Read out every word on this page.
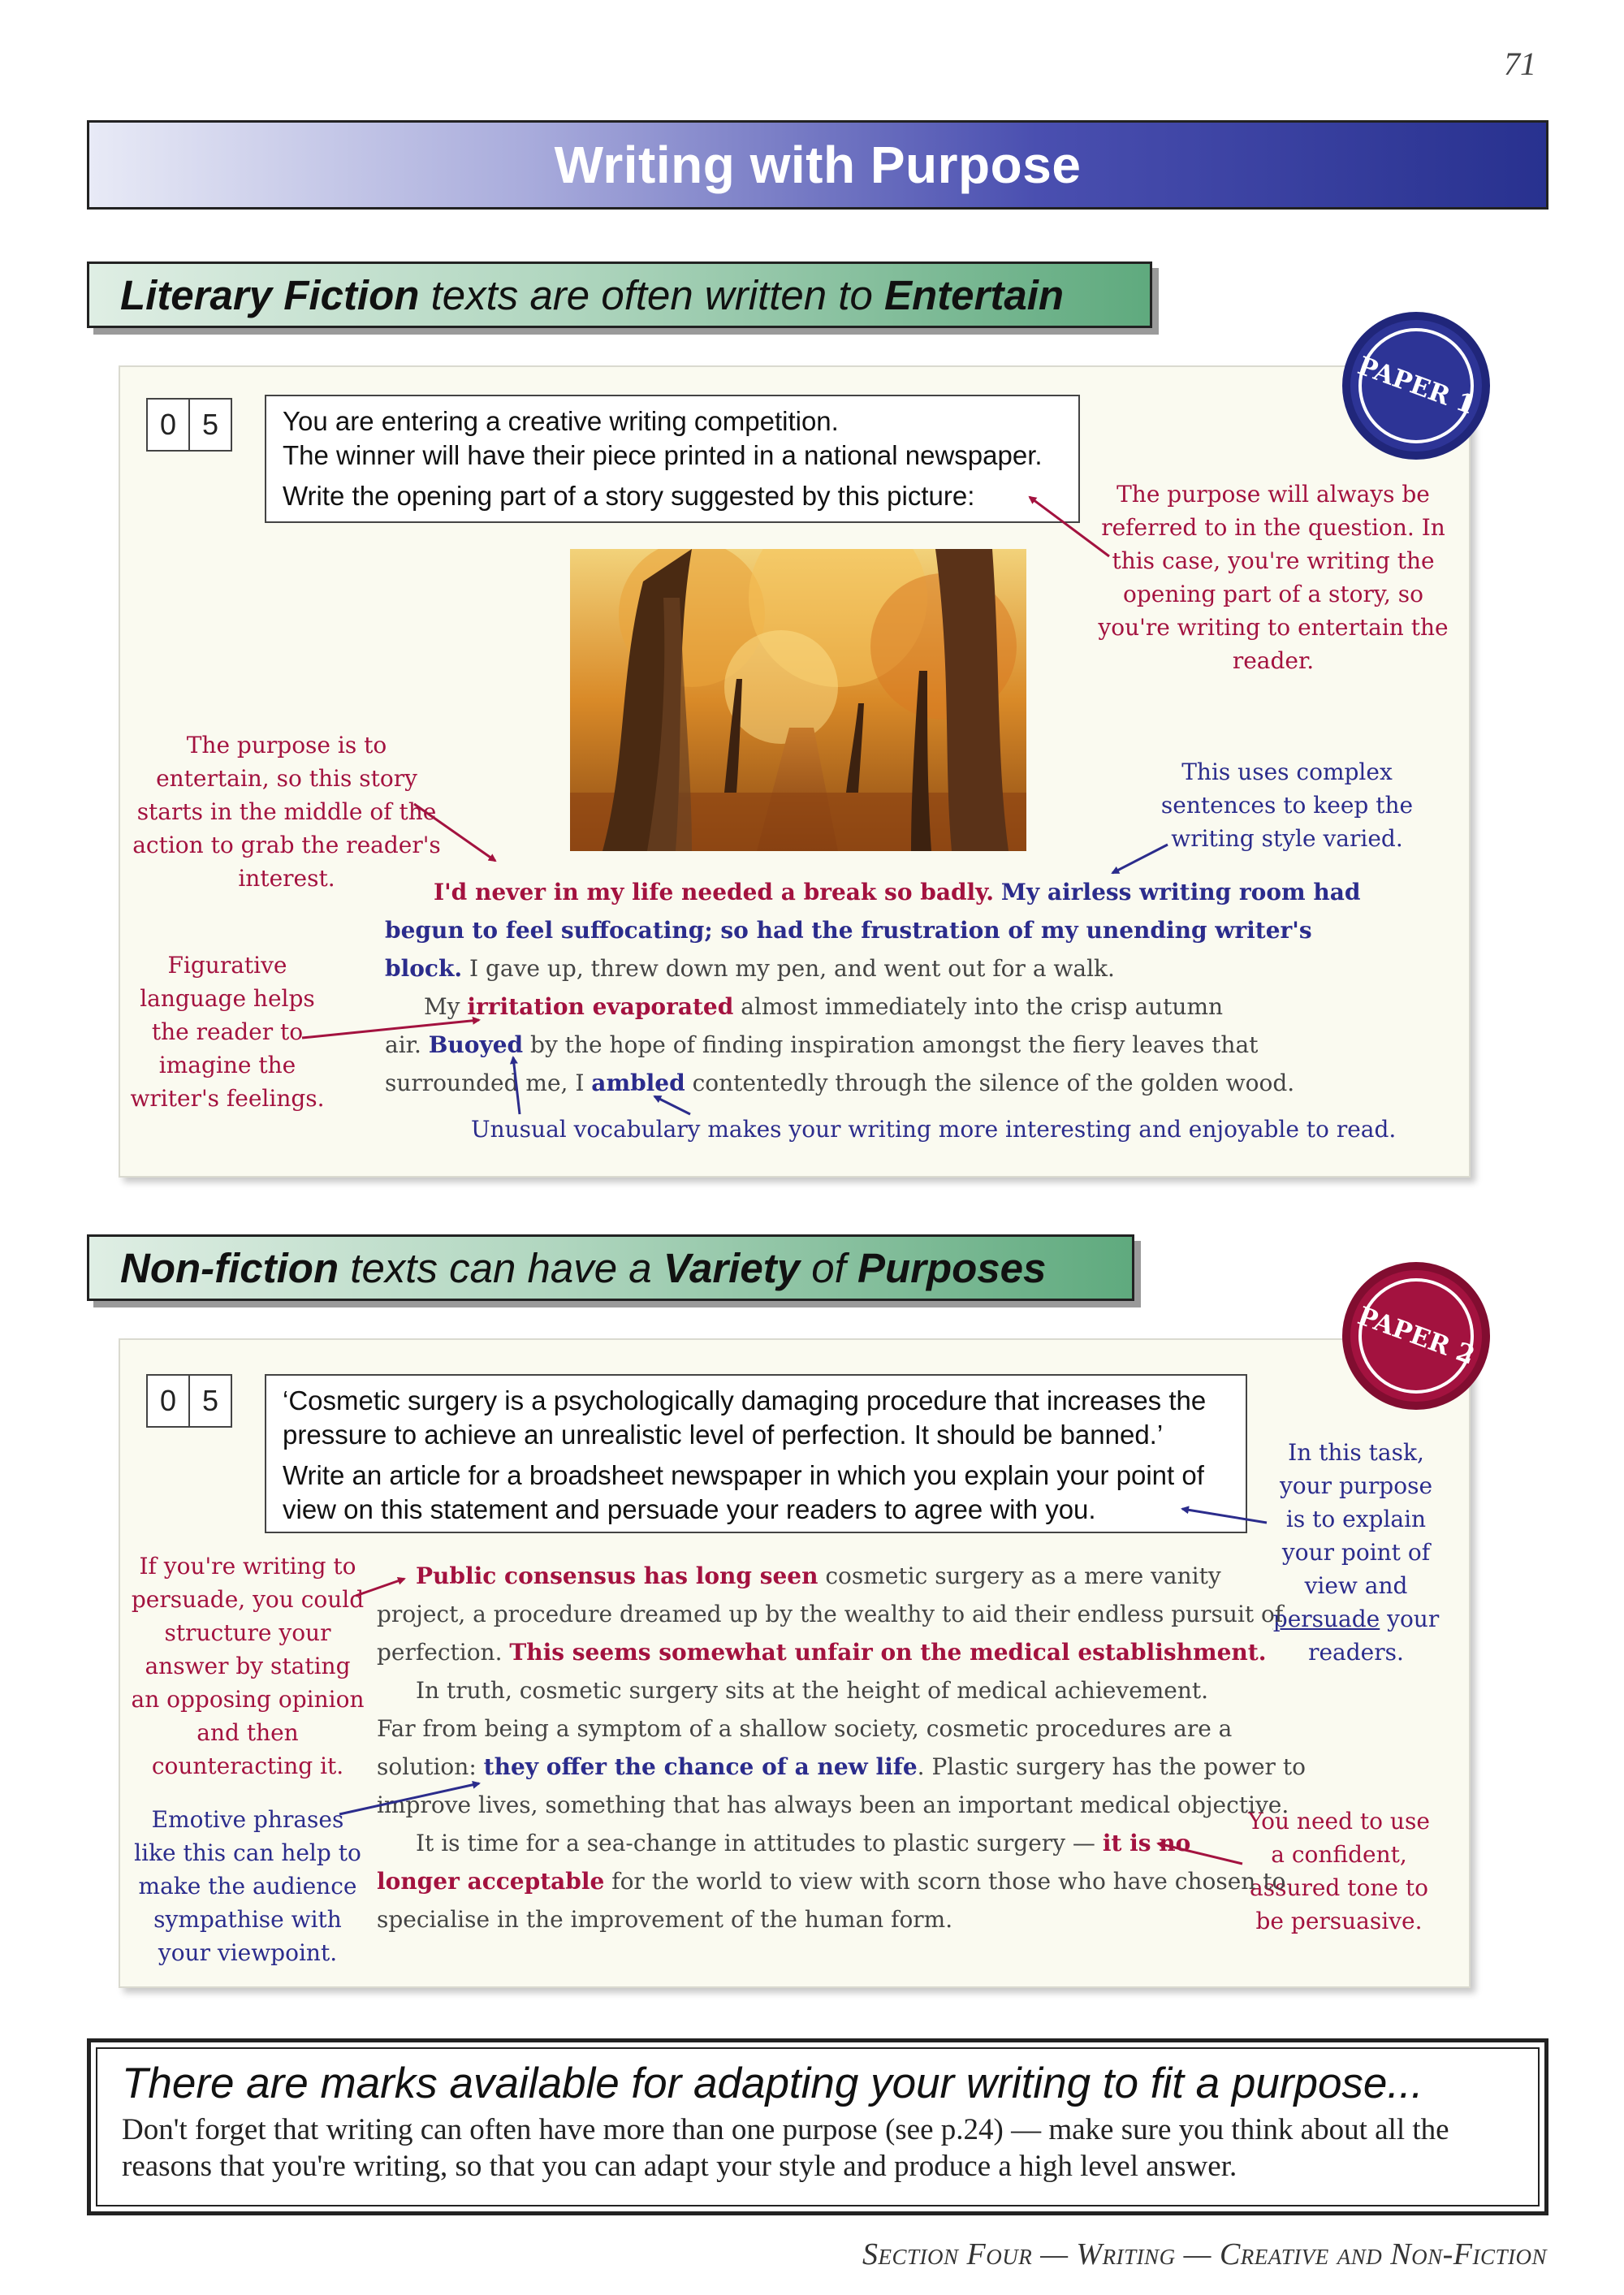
71
Writing with Purpose
Literary Fiction texts are often written to Entertain
PAPER 1
0 5	You are entering a creative writing competition.
The winner will have their piece printed in a national newspaper.
Write the opening part of a story suggested by this picture:	The purpose will always be referred to in the question. In this case, you're writing the opening part of a story, so you're writing to entertain the reader.
The purpose is to entertain, so this story starts in the middle of the action to grab the reader's interest.
This uses complex sentences to keep the writing style varied.
Figurative language helps the reader to imagine the writer's feelings.
Unusual vocabulary makes your writing more interesting and enjoyable to read.
I'd never in my life needed a break so badly. My airless writing room had
begun to feel suffocating; so had the frustration of my unending writer's
block. I gave up, threw down my pen, and went out for a walk.
My irritation evaporated almost immediately into the crisp autumn
air. Buoyed by the hope of finding inspiration amongst the fiery leaves that
surrounded me, I ambled contentedly through the silence of the golden wood.
Non-fiction texts can have a Variety of Purposes
PAPER 2
0 5	‘Cosmetic surgery is a psychologically damaging procedure that increases the pressure to achieve an unrealistic level of perfection. It should be banned.’
Write an article for a broadsheet newspaper in which you explain your point of view on this statement and persuade your readers to agree with you.
If you're writing to persuade, you could structure your answer by stating an opposing opinion and then counteracting it.
Emotive phrases like this can help to make the audience sympathise with your viewpoint.
In this task, your purpose is to explain your point of view and persuade your readers.
You need to use a confident, assured tone to be persuasive.
Public consensus has long seen cosmetic surgery as a mere vanity
project, a procedure dreamed up by the wealthy to aid their endless pursuit of
perfection. This seems somewhat unfair on the medical establishment.
In truth, cosmetic surgery sits at the height of medical achievement.
Far from being a symptom of a shallow society, cosmetic procedures are a
solution: they offer the chance of a new life. Plastic surgery has the power to
improve lives, something that has always been an important medical objective.
It is time for a sea-change in attitudes to plastic surgery — it is no
longer acceptable for the world to view with scorn those who have chosen to
specialise in the improvement of the human form.
There are marks available for adapting your writing to fit a purpose...

Don't forget that writing can often have more than one purpose (see p.24) — make sure you think about all the reasons that you're writing, so that you can adapt your style and produce a high level answer.

Section Four — Writing — Creative and Non-Fiction
